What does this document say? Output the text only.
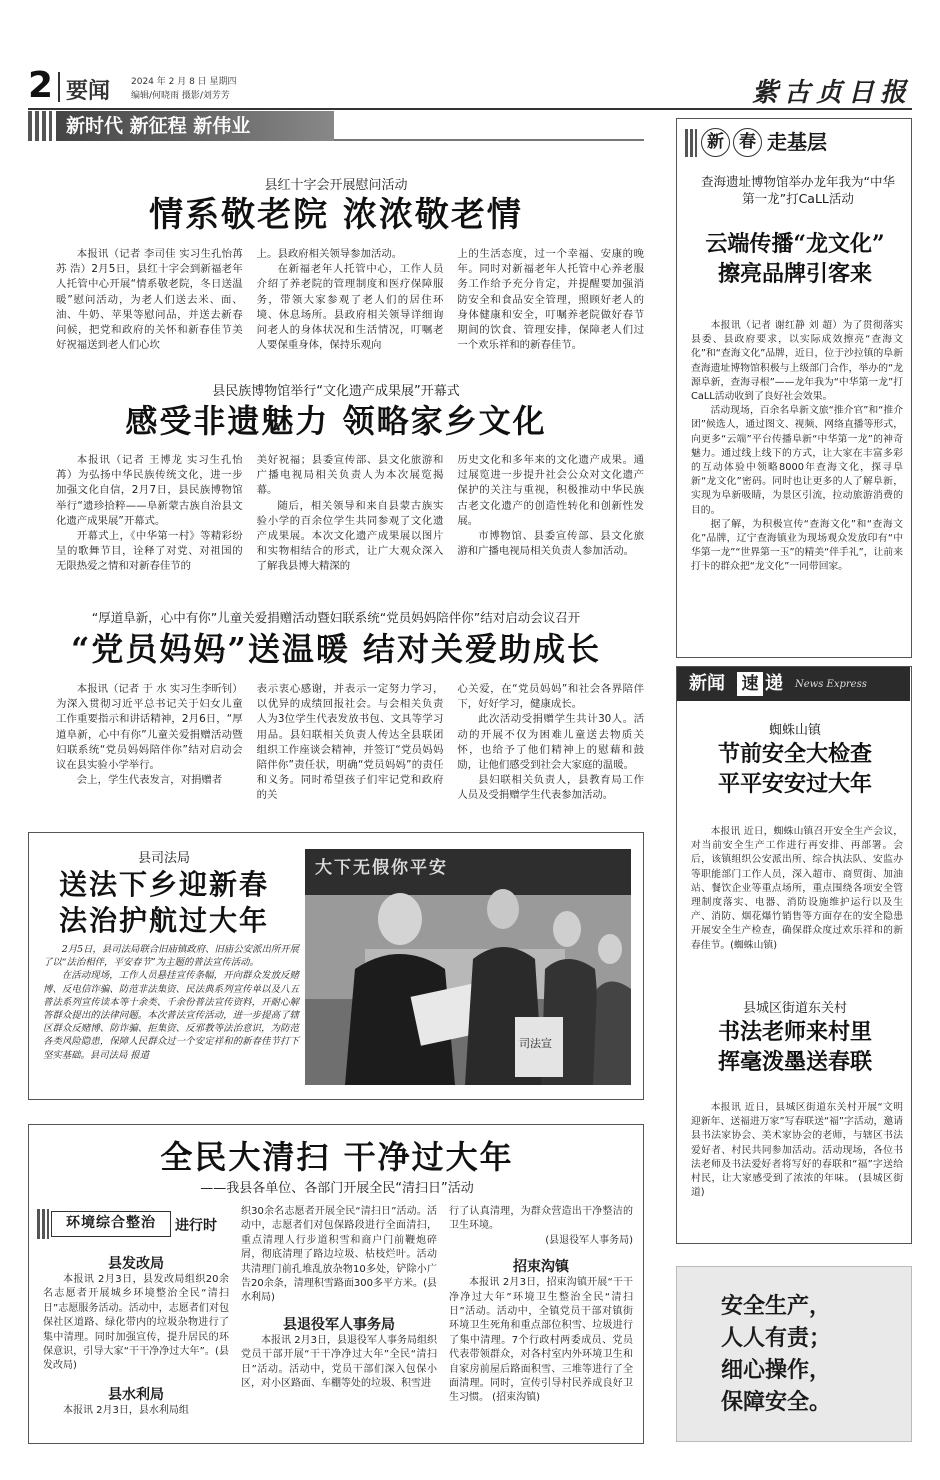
2 要闻 2024 年 2 月 8 日 星期四
编辑/何晓雨 摄影/刘芳芳	紫古贞日报
新时代 新征程 新伟业
县红十字会开展慰问活动
情系敬老院 浓浓敬老情

本报讯（记者 李司佳 实习生孔怡苒 苏 浩）2月5日，县红十字会到新福老年人托管中心开展“情系敬老院，冬日送温暖”慰问活动，为老人们送去米、面、油、牛奶、苹果等慰问品，并送去新春问候，把党和政府的关怀和新春佳节美好祝福送到老人们心坎

上。县政府相关领导参加活动。

在新福老年人托管中心，工作人员介绍了养老院的管理制度和医疗保障服务，带领大家参观了老人们的居住环境、休息场所。县政府相关领导详细询问老人的身体状况和生活情况，叮嘱老人要保重身体，保持乐观向

上的生活态度，过一个幸福、安康的晚年。同时对新福老年人托管中心养老服务工作给予充分肯定，并提醒要加强消防安全和食品安全管理，照顾好老人的身体健康和安全，叮嘱养老院做好春节期间的饮食、管理安排，保障老人们过一个欢乐祥和的新春佳节。

县民族博物馆举行“文化遗产成果展”开幕式
感受非遗魅力 领略家乡文化

本报讯（记者 王博龙 实习生孔怡苒）为弘扬中华民族传统文化，进一步加强文化自信，2月7日，县民族博物馆举行“遗珍拾粹——阜新蒙古族自治县文化遗产成果展”开幕式。

开幕式上，《中华第一村》等精彩纷呈的歌舞节目，诠释了对党、对祖国的无限热爱之情和对新春佳节的

美好祝福；县委宣传部、县文化旅游和广播电视局相关负责人为本次展览揭幕。

随后，相关领导和来自县蒙古族实验小学的百余位学生共同参观了文化遗产成果展。本次文化遗产成果展以图片和实物相结合的形式，让广大观众深入了解我县博大精深的

历史文化和多年来的文化遗产成果。通过展览进一步提升社会公众对文化遗产保护的关注与重视，积极推动中华民族古老文化遗产的创造性转化和创新性发展。

市博物馆、县委宣传部、县文化旅游和广播电视局相关负责人参加活动。

“厚道阜新，心中有你”儿童关爱捐赠活动暨妇联系统“党员妈妈陪伴你”结对启动会议召开
“党员妈妈”送温暖 结对关爱助成长

本报讯（记者 于 水 实习生李昕钊）为深入贯彻习近平总书记关于妇女儿童工作重要指示和讲话精神，2月6日，“厚道阜新，心中有你”儿童关爱捐赠活动暨妇联系统“党员妈妈陪伴你”结对启动会议在县实验小学举行。

会上，学生代表发言，对捐赠者

表示衷心感谢，并表示一定努力学习，以优异的成绩回报社会。与会相关负责人为3位学生代表发放书包、文具等学习用品。县妇联相关负责人传达全县联团组织工作座谈会精神，并签订“党员妈妈陪伴你”责任状，明确“党员妈妈”的责任和义务。同时希望孩子们牢记党和政府的关

心关爱，在“党员妈妈”和社会各界陪伴下，好好学习，健康成长。

此次活动受捐赠学生共计30人。活动的开展不仅为困难儿童送去物质关怀，也给予了他们精神上的慰藉和鼓励，让他们感受到社会大家庭的温暖。

县妇联相关负责人，县教育局工作人员及受捐赠学生代表参加活动。

县司法局
送法下乡迎新春
法治护航过大年

2月5日，县司法局联合旧庙镇政府、旧庙公安派出所开展了以“法治相伴，平安春节”为主题的普法宣传活动。

在活动现场，工作人员悬挂宣传条幅，开向群众发放反赌博、反电信诈骗、防范非法集资、民法典系列宣传单以及八五普法系列宣传读本等十余类、千余份普法宣传资料，开耐心解答群众提出的法律问题。本次普法宣传活动，进一步提高了辖区群众反赌博、防诈骗、拒集资、反邪教等法治意识，为防范各类风险隐患，保障人民群众过一个安定祥和的新春佳节打下坚实基础。县司法局 报道

大下无假你平安
司法宣
全民大清扫 干净过大年
——我县各单位、各部门开展全民“清扫日”活动
环境综合整治	进行时
县发改局

本报讯 2月3日，县发改局组织20余名志愿者开展城乡环境整治全民“清扫日”志愿服务活动。活动中，志愿者们对包保社区道路、绿化带内的垃圾杂物进行了集中清理。同时加强宣传，提升居民的环保意识，引导大家“干干净净过大年”。(县发改局)

县水利局

本报讯 2月3日，县水利局组

织30余名志愿者开展全民“清扫日”活动。活动中，志愿者们对包保路段进行全面清扫，重点清理人行步道积雪和商户门前鞭炮碎屑，彻底清理了路边垃圾、枯枝烂叶。活动共清理门前孔堆乱放杂物10多处，铲除小广告20余条，清理积雪路面300多平方米。(县水利局)

县退役军人事务局

本报讯 2月3日，县退役军人事务局组织党员干部开展“干干净净过大年”全民“清扫日”活动。活动中，党员干部们深入包保小区，对小区路面、车棚等处的垃圾、积雪进

行了认真清理，为群众营造出干净整洁的卫生环境。

(县退役军人事务局)

招束沟镇

本报讯 2月3日，招束沟镇开展“干干净净过大年”环境卫生整治全民“清扫日”活动。活动中，全镇党员干部对镇街环境卫生死角和重点部位积雪、垃圾进行了集中清理。7个行政村两委成员、党员代表带领群众，对各村室内外环境卫生和自家房前屋后路面积雪、三堆等进行了全面清理。同时，宣传引导村民养成良好卫生习惯。 (招束沟镇)

新 春 走基层
查海遗址博物馆举办龙年我为“中华第一龙”打CaLL活动
云端传播“龙文化”
擦亮品牌引客来

本报讯（记者 谢红静 刘 超）为了贯彻落实县委、县政府要求，以实际成效擦亮“查海文化”和“查海文化”品牌，近日，位于沙拉镇的阜新查海遗址博物馆积极与上级部门合作，举办的“龙源阜新，查海寻根”——龙年我为“中华第一龙”打CaLL活动收到了良好社会效果。

活动现场，百余名阜新文旅“推介官”和“推介团”候选人，通过图文、视频、网络直播等形式，向更多“云端”平台传播阜新“中华第一龙”的神奇魅力。通过线上线下的方式，让大家在丰富多彩的互动体验中领略8000年查海文化，探寻阜新“龙文化”密码。同时也让更多的人了解阜新，实现为阜新吸睛，为景区引流，拉动旅游消费的目的。

据了解，为积极宣传“查海文化”和“查海文化”品牌，辽宁查海镇业为现场观众发放印有“中华第一龙”“世界第一玉”的精美“伴手礼”，让前来打卡的群众把“龙文化”一同带回家。

新闻 速 递 News Express
蜘蛛山镇
节前安全大检查
平平安安过大年

本报讯 近日，蜘蛛山镇召开安全生产会议，对当前安全生产工作进行再安排、再部署。会后，该镇组织公安派出所、综合执法队、安监办等职能部门工作人员，深入超市、商贸街、加油站、餐饮企业等重点场所，重点围绕各项安全管理制度落实、电器、消防设施维护运行以及生产、消防、烟花爆竹销售等方面存在的安全隐患开展安全生产检查，确保群众度过欢乐祥和的新春佳节。(蜘蛛山镇)

县城区街道东关村
书法老师来村里
挥毫泼墨送春联

本报讯 近日，县城区街道东关村开展“文明迎新年、送福进万家”写春联送“福”字活动，邀请县书法家协会、美术家协会的老师，与辖区书法爱好者、村民共同参加活动。活动现场，各位书法老师及书法爱好者将写好的春联和“福”字送给村民，让大家感受到了浓浓的年味。 (县城区街道)

安全生产，
人人有责；
细心操作，
保障安全。
